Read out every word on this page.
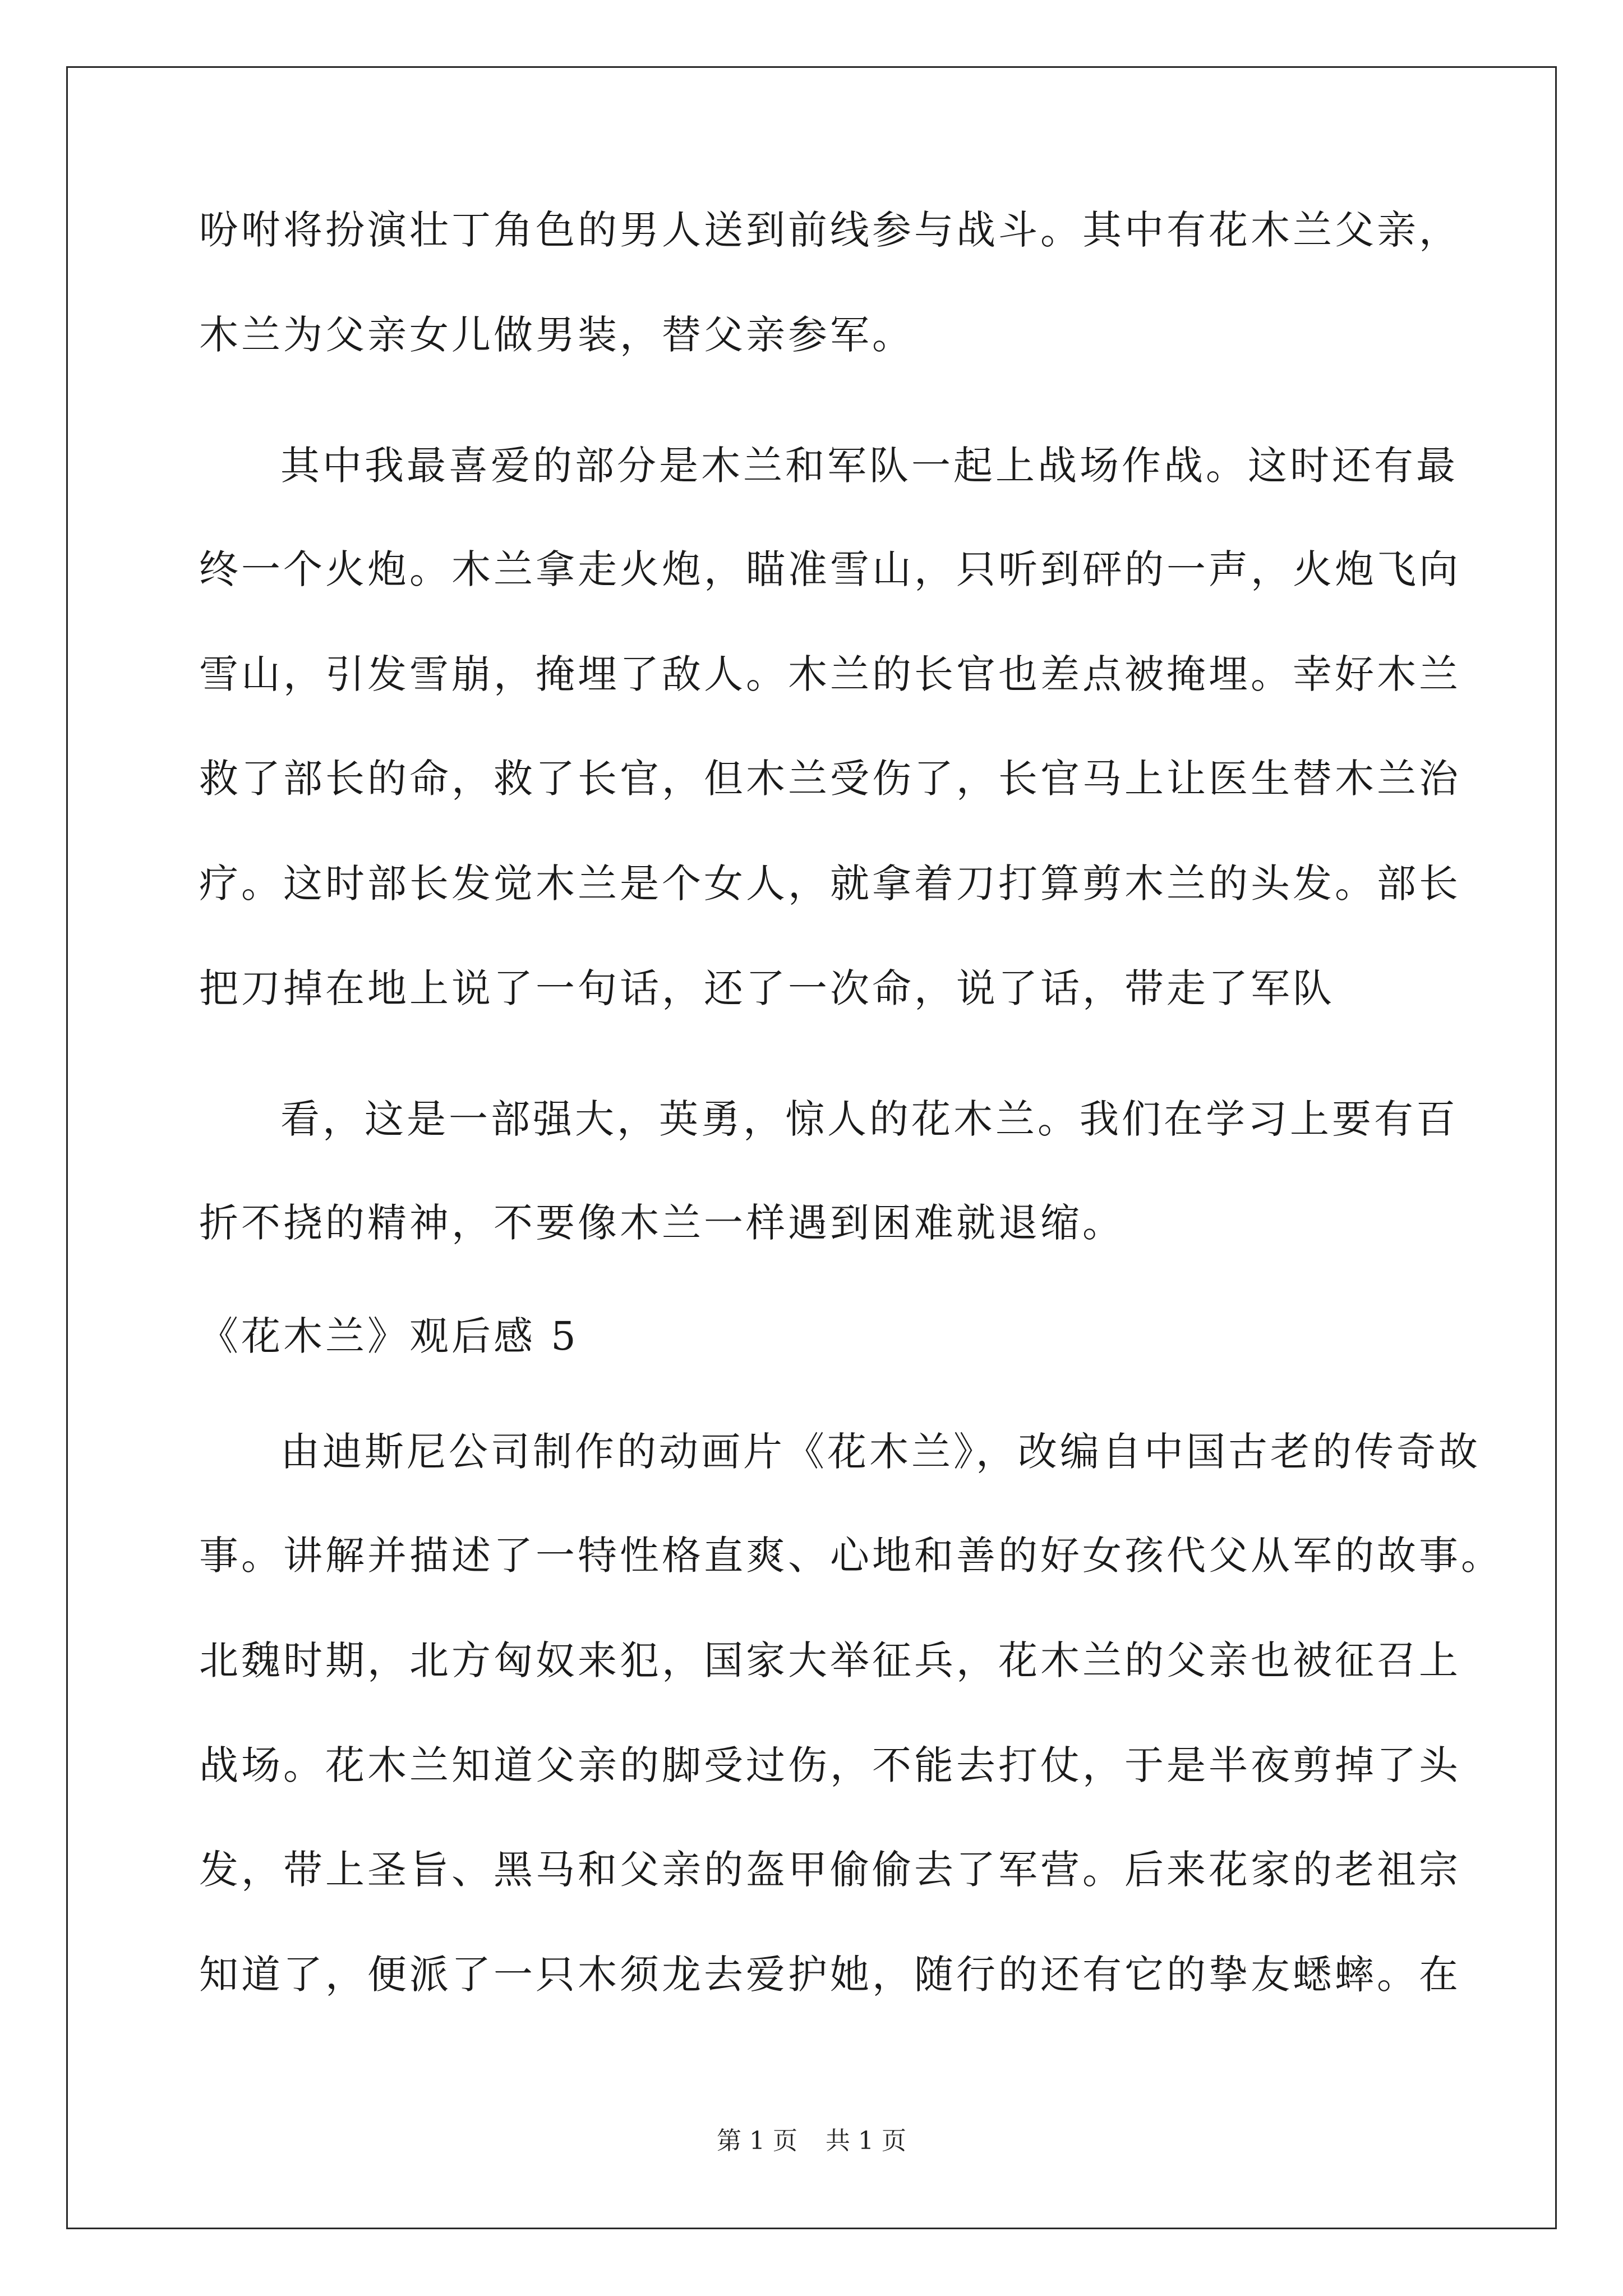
吩咐将扮演壮丁角色的男人送到前线参与战斗。其中有花木兰父亲，
木兰为父亲女儿做男装，替父亲参军。
其中我最喜爱的部分是木兰和军队一起上战场作战。这时还有最
终一个火炮。木兰拿走火炮，瞄准雪山，只听到砰的一声，火炮飞向
雪山，引发雪崩，掩埋了敌人。木兰的长官也差点被掩埋。幸好木兰
救了部长的命，救了长官，但木兰受伤了，长官马上让医生替木兰治
疗。这时部长发觉木兰是个女人，就拿着刀打算剪木兰的头发。部长
把刀掉在地上说了一句话，还了一次命，说了话，带走了军队
看，这是一部强大，英勇，惊人的花木兰。我们在学习上要有百
折不挠的精神，不要像木兰一样遇到困难就退缩。
《花木兰》观后感 5
由迪斯尼公司制作的动画片《花木兰》，改编自中国古老的传奇故
事。讲解并描述了一特性格直爽、心地和善的好女孩代父从军的故事。
北魏时期，北方匈奴来犯，国家大举征兵，花木兰的父亲也被征召上
战场。花木兰知道父亲的脚受过伤，不能去打仗，于是半夜剪掉了头
发，带上圣旨、黑马和父亲的盔甲偷偷去了军营。后来花家的老祖宗
知道了，便派了一只木须龙去爱护她，随行的还有它的挚友蟋蟀。在
第 1 页 共 1 页
